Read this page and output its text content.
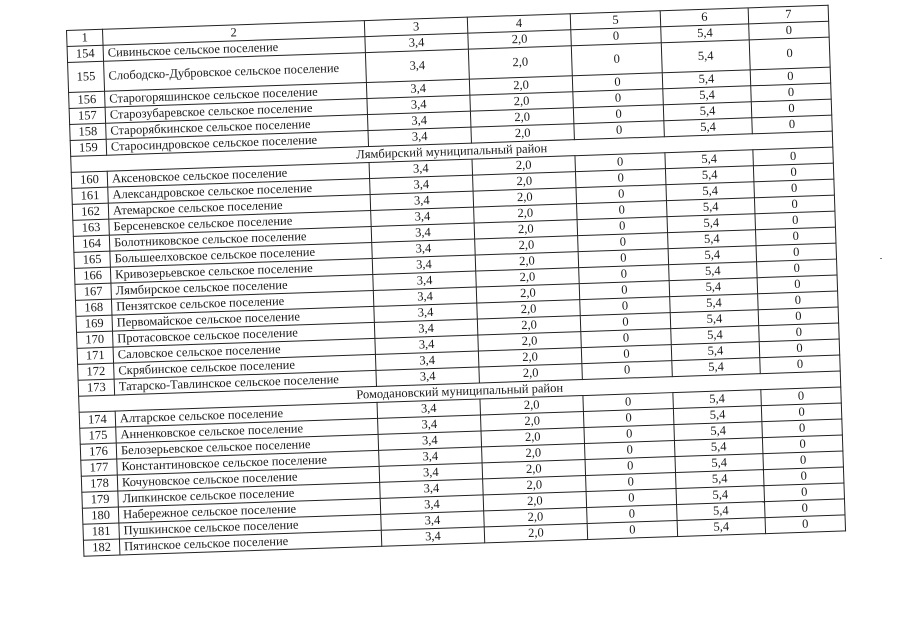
1	2	3	4	5	6	7
154	Сивиньское сельское поселение	3,4	2,0	0	5,4	0
155	Слободско-Дубровское сельское поселение	3,4	2,0	0	5,4	0
156	Старогоряшинское сельское поселение	3,4	2,0	0	5,4	0
157	Старозубаревское сельское поселение	3,4	2,0	0	5,4	0
158	Старорябкинское сельское поселение	3,4	2,0	0	5,4	0
159	Старосиндровское сельское поселение	3,4	2,0	0	5,4	0
Лямбирский муниципальный район						
160	Аксеновское сельское поселение	3,4	2,0	0	5,4	0
161	Александровское сельское поселение	3,4	2,0	0	5,4	0
162	Атемарское сельское поселение	3,4	2,0	0	5,4	0
163	Берсеневское сельское поселение	3,4	2,0	0	5,4	0
164	Болотниковское сельское поселение	3,4	2,0	0	5,4	0
165	Большеелховское сельское поселение	3,4	2,0	0	5,4	0
166	Кривозерьевское сельское поселение	3,4	2,0	0	5,4	0
167	Лямбирское сельское поселение	3,4	2,0	0	5,4	0
168	Пензятское сельское поселение	3,4	2,0	0	5,4	0
169	Первомайское сельское поселение	3,4	2,0	0	5,4	0
170	Протасовское сельское поселение	3,4	2,0	0	5,4	0
171	Саловское сельское поселение	3,4	2,0	0	5,4	0
172	Скрябинское сельское поселение	3,4	2,0	0	5,4	0
173	Татарско-Тавлинское сельское поселение	3,4	2,0	0	5,4	0
Ромодановский муниципальный район						
174	Алтарское сельское поселение	3,4	2,0	0	5,4	0
175	Анненковское сельское поселение	3,4	2,0	0	5,4	0
176	Белозерьевское сельское поселение	3,4	2,0	0	5,4	0
177	Константиновское сельское поселение	3,4	2,0	0	5,4	0
178	Кочуновское сельское поселение	3,4	2,0	0	5,4	0
179	Липкинское сельское поселение	3,4	2,0	0	5,4	0
180	Набережное сельское поселение	3,4	2,0	0	5,4	0
181	Пушкинское сельское поселение	3,4	2,0	0	5,4	0
182	Пятинское сельское поселение	3,4	2,0	0	5,4	0
